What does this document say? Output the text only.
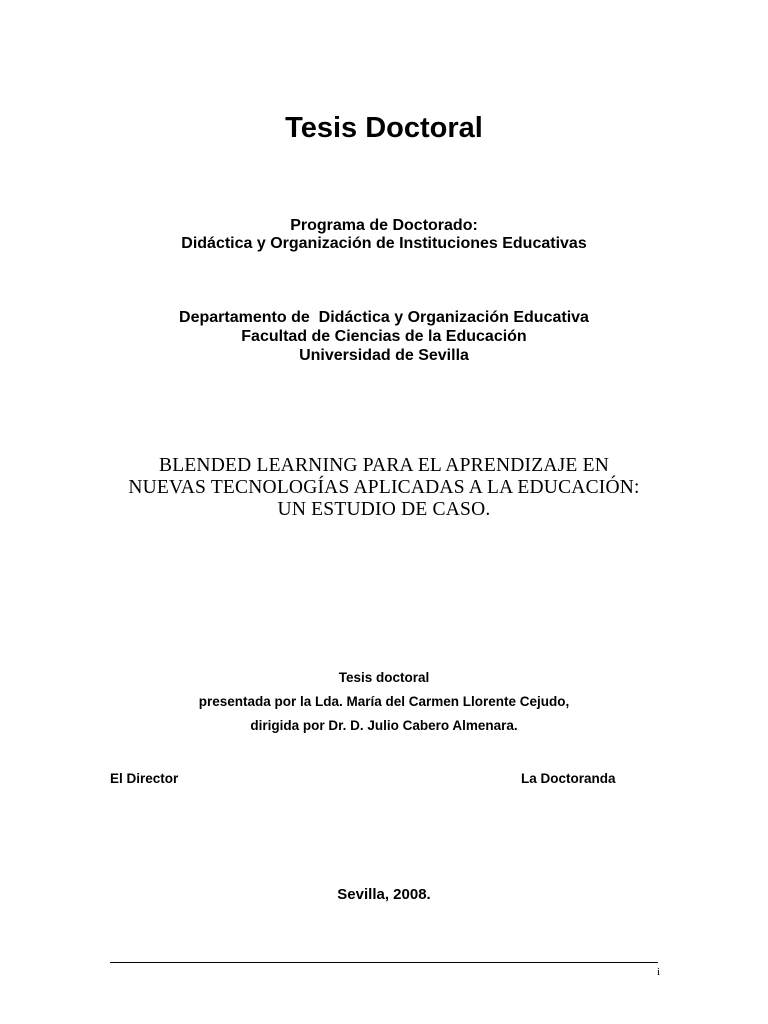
Tesis Doctoral
Programa de Doctorado:
Didáctica y Organización de Instituciones Educativas
Departamento de  Didáctica y Organización Educativa
Facultad de Ciencias de la Educación
Universidad de Sevilla
BLENDED LEARNING PARA EL APRENDIZAJE EN
NUEVAS TECNOLOGÍAS APLICADAS A LA EDUCACIÓN:
UN ESTUDIO DE CASO.
Tesis doctoral
presentada por la Lda. María del Carmen Llorente Cejudo,
dirigida por Dr. D. Julio Cabero Almenara.
El Director	La Doctoranda
Sevilla, 2008.
i
